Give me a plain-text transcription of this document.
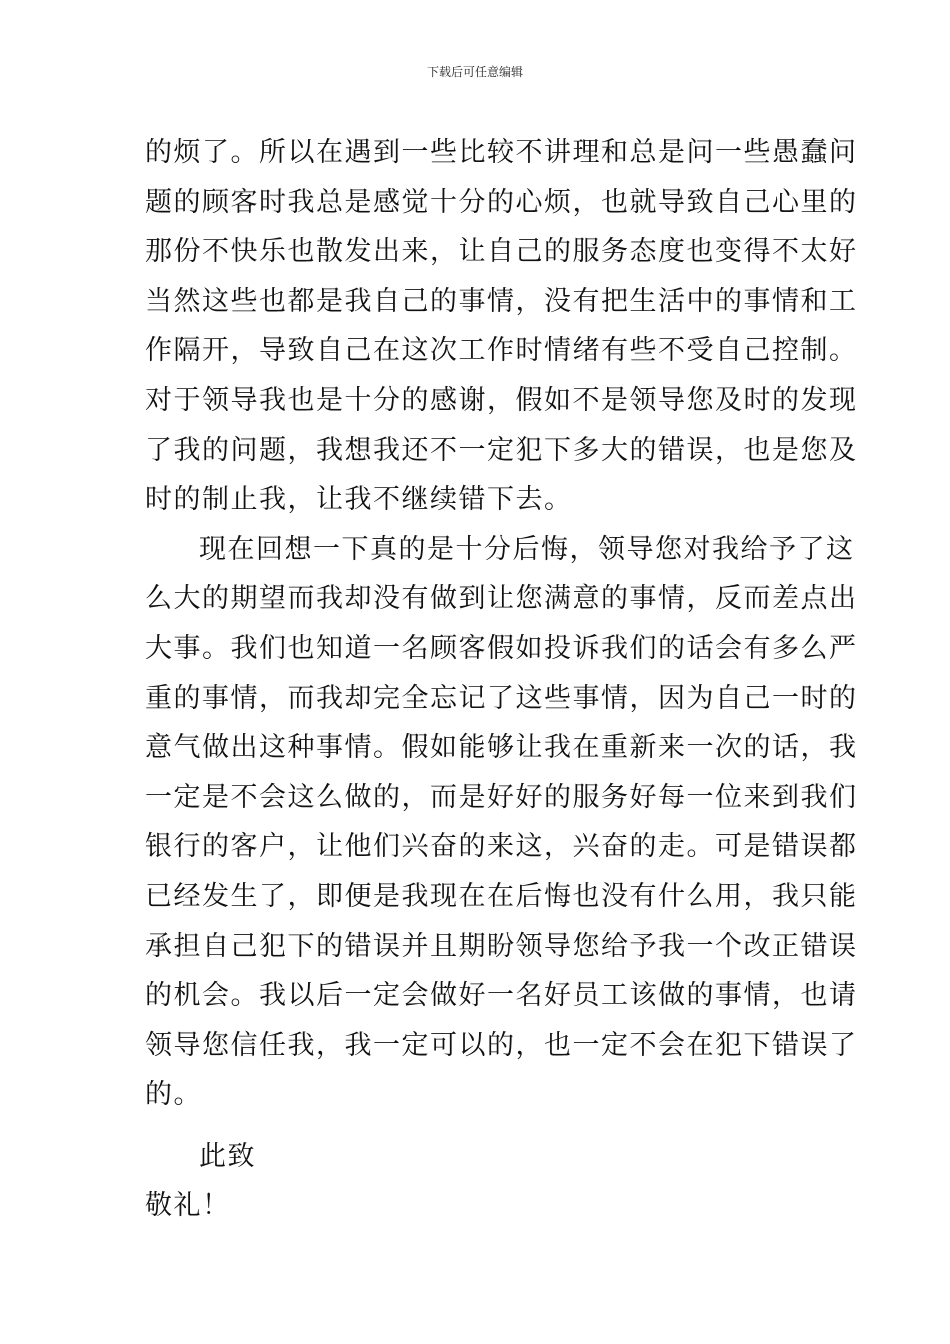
下载后可任意编辑
的烦了。所以在遇到一些比较不讲理和总是问一些愚蠢问
题的顾客时我总是感觉十分的心烦，也就导致自己心里的
那份不快乐也散发出来，让自己的服务态度也变得不太好
当然这些也都是我自己的事情，没有把生活中的事情和工
作隔开，导致自己在这次工作时情绪有些不受自己控制。
对于领导我也是十分的感谢，假如不是领导您及时的发现
了我的问题，我想我还不一定犯下多大的错误，也是您及
时的制止我，让我不继续错下去。
现在回想一下真的是十分后悔，领导您对我给予了这
么大的期望而我却没有做到让您满意的事情，反而差点出
大事。我们也知道一名顾客假如投诉我们的话会有多么严
重的事情，而我却完全忘记了这些事情，因为自己一时的
意气做出这种事情。假如能够让我在重新来一次的话，我
一定是不会这么做的，而是好好的服务好每一位来到我们
银行的客户，让他们兴奋的来这，兴奋的走。可是错误都
已经发生了，即便是我现在在后悔也没有什么用，我只能
承担自己犯下的错误并且期盼领导您给予我一个改正错误
的机会。我以后一定会做好一名好员工该做的事情，也请
领导您信任我，我一定可以的，也一定不会在犯下错误了
的。
此致
敬礼！
